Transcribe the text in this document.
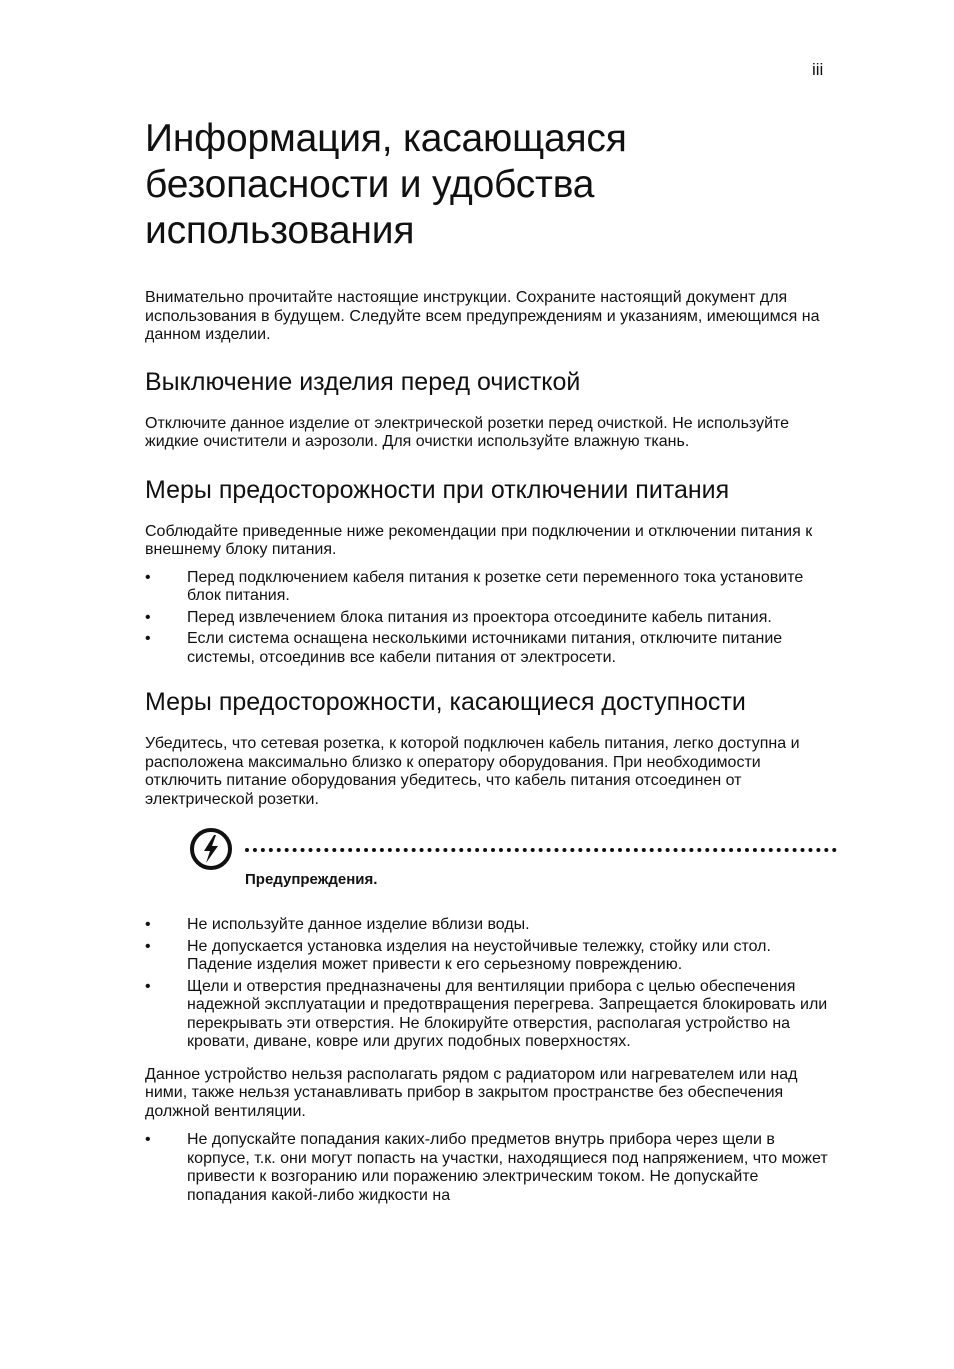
iii
Информация, касающаяся безопасности и удобства использования

Внимательно прочитайте настоящие инструкции. Сохраните настоящий документ для использования в будущем. Следуйте всем предупреждениям и указаниям, имеющимся на данном изделии.

Выключение изделия перед очисткой

Отключите данное изделие от электрической розетки перед очисткой. Не используйте жидкие очистители и аэрозоли. Для очистки используйте влажную ткань.

Меры предосторожности при отключении питания

Соблюдайте приведенные ниже рекомендации при подключении и отключении питания к внешнему блоку питания.

• Перед подключением кабеля питания к розетке сети переменного тока установите блок питания.
• Перед извлечением блока питания из проектора отсоедините кабель питания.
• Если система оснащена несколькими источниками питания, отключите питание системы, отсоединив все кабели питания от электросети.
Меры предосторожности, касающиеся доступности

Убедитесь, что сетевая розетка, к которой подключен кабель питания, легко доступна и расположена максимально близко к оператору оборудования. При необходимости отключить питание оборудования убедитесь, что кабель питания отсоединен от электрической розетки.

Предупреждения.
• Не используйте данное изделие вблизи воды.
• Не допускается установка изделия на неустойчивые тележку, стойку или стол. Падение изделия может привести к его серьезному повреждению.
• Щели и отверстия предназначены для вентиляции прибора с целью обеспечения надежной эксплуатации и предотвращения перегрева. Запрещается блокировать или перекрывать эти отверстия. Не блокируйте отверстия, располагая устройство на кровати, диване, ковре или других подобных поверхностях.

Данное устройство нельзя располагать рядом с радиатором или нагревателем или над ними, также нельзя устанавливать прибор в закрытом пространстве без обеспечения должной вентиляции.

• Не допускайте попадания каких-либо предметов внутрь прибора через щели в корпусе, т.к. они могут попасть на участки, находящиеся под напряжением, что может привести к возгоранию или поражению электрическим током. Не допускайте попадания какой-либо жидкости на
